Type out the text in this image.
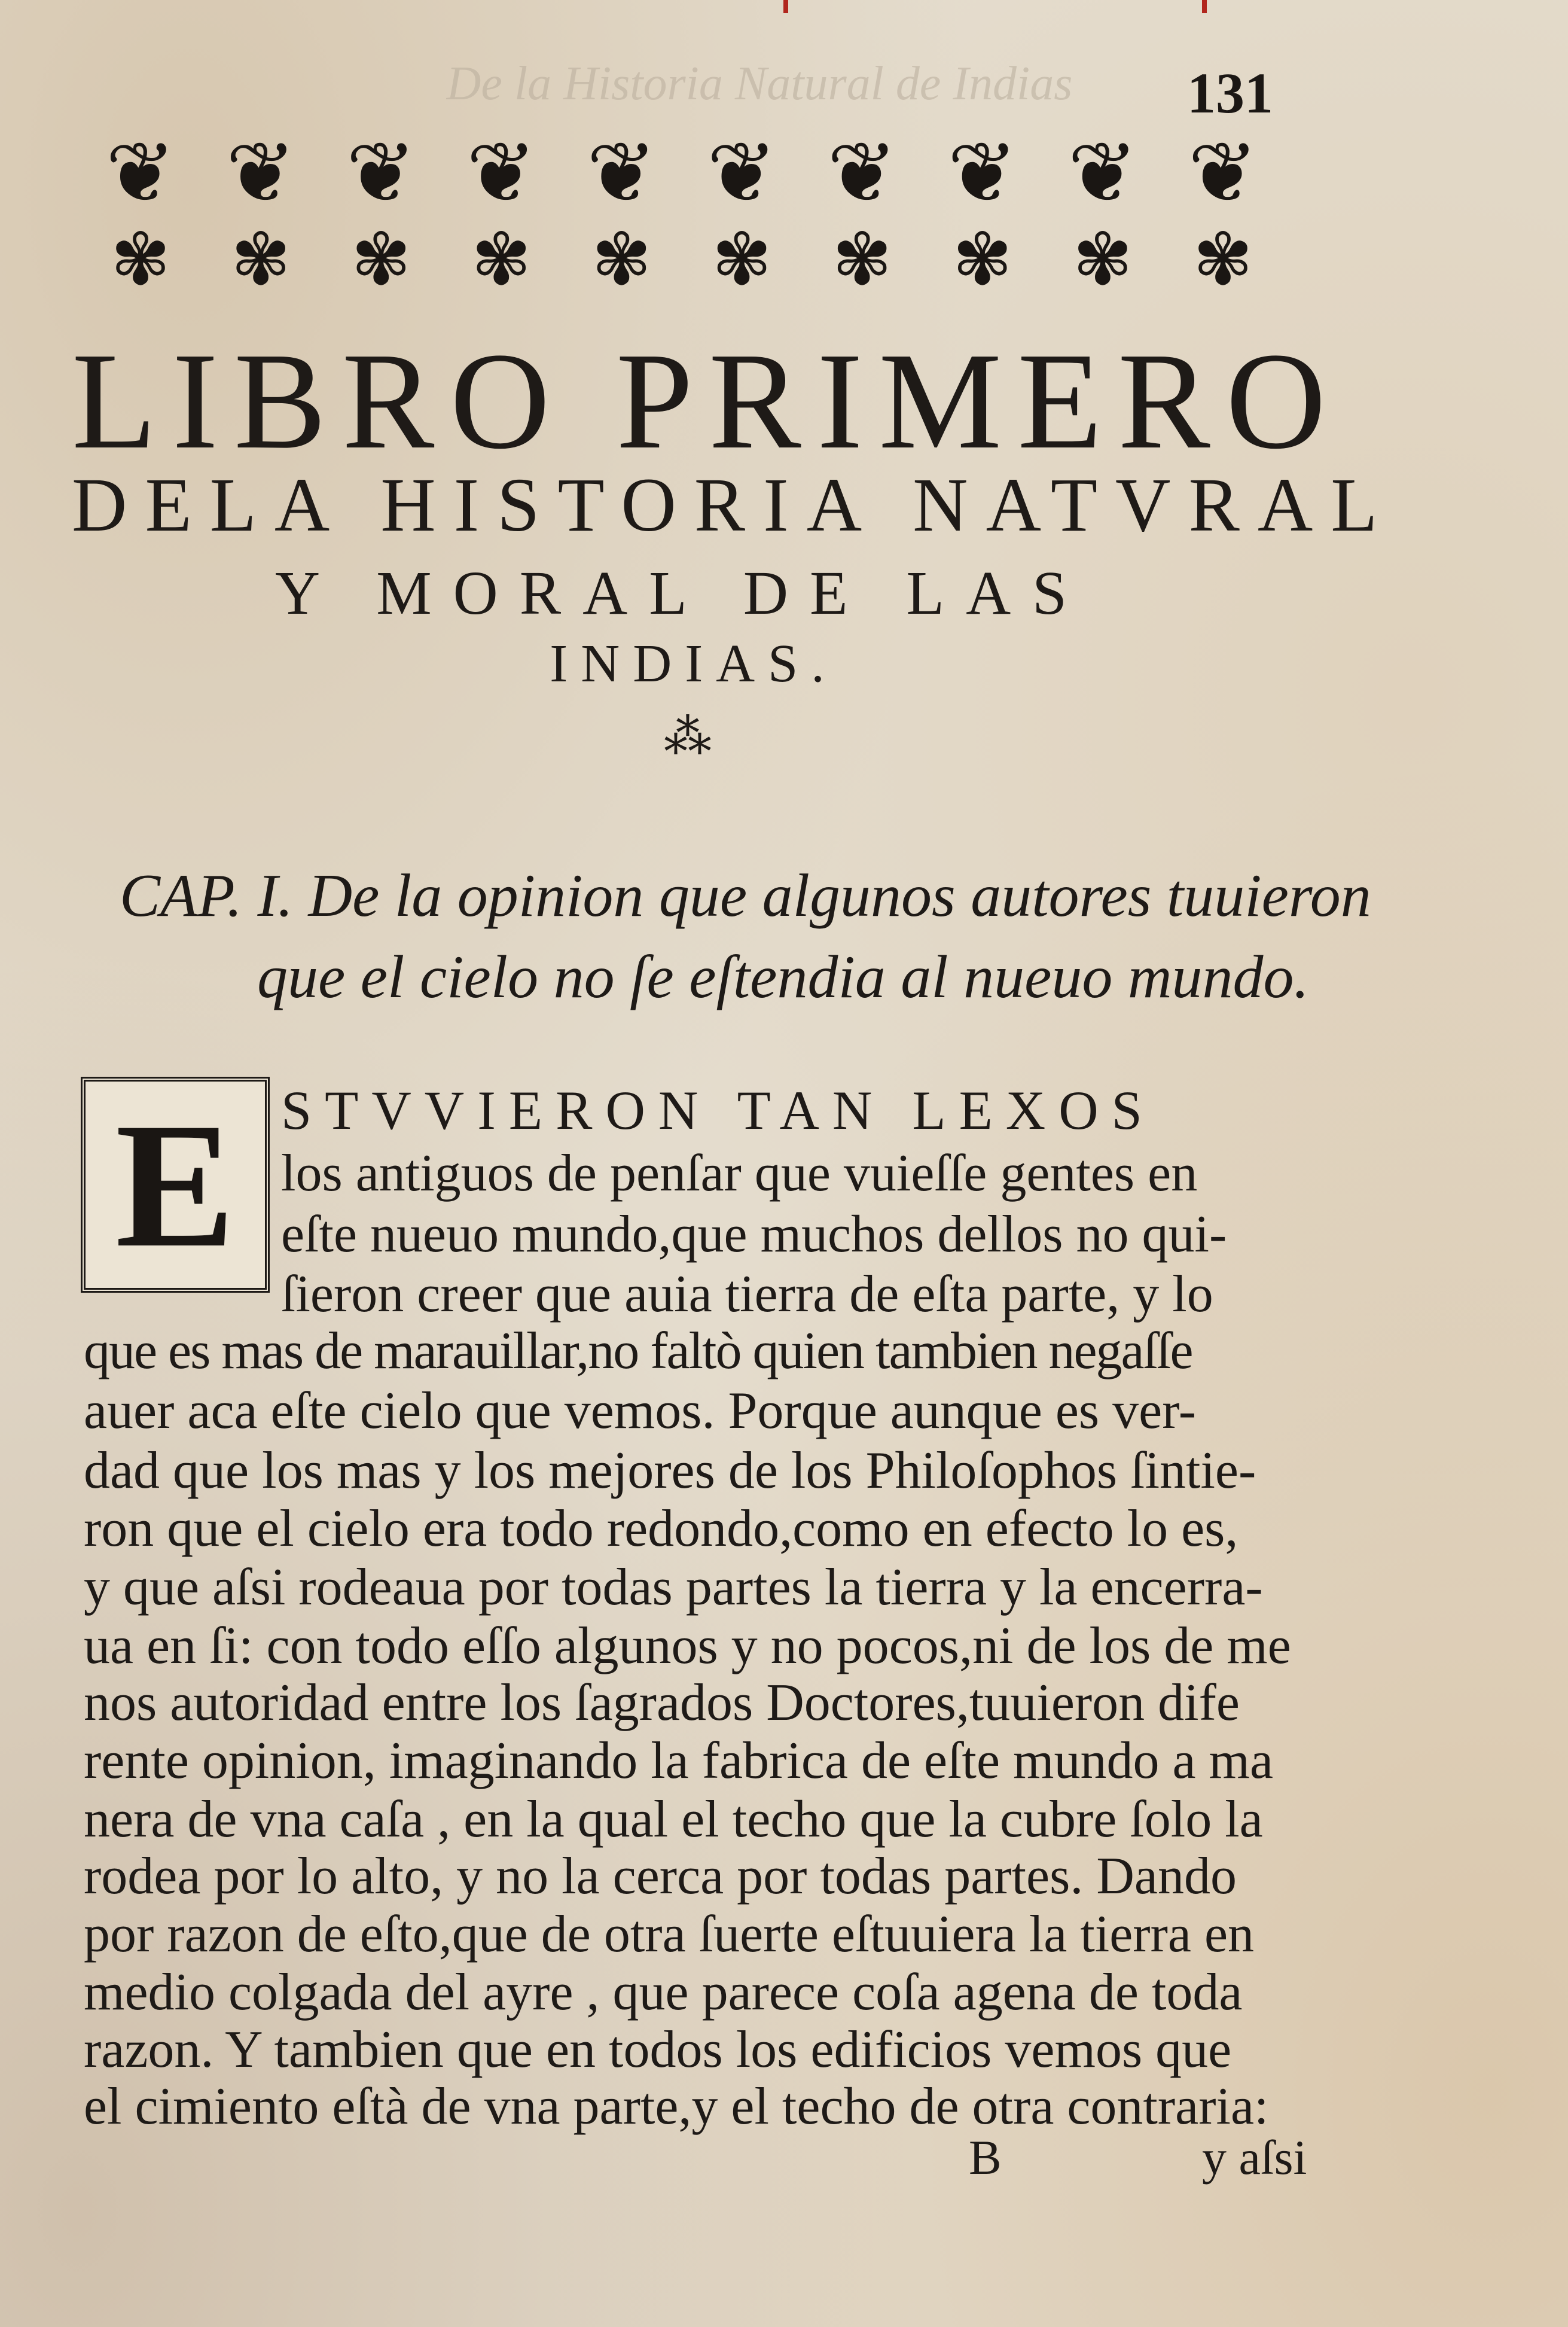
De la Historia Natural de Indias	131
❦ ❦ ❦ ❦ ❦ ❦ ❦ ❦ ❦ ❦
✾ ✾ ✾ ✾ ✾ ✾ ✾ ✾ ✾ ✾
LIBRO PRIMERO
DELA HISTORIA NATVRAL
Y MORAL DE LAS
INDIAS.
⁂
CAP. I. De la opinion que algunos autores tuuieron
que el cielo no ſe eſtendia al nueuo mundo.
E STVVIERON TAN LEXOS
los antiguos de penſar que vuieſſe gentes en
eſte nueuo mundo,que muchos dellos no qui-
ſieron creer que auia tierra de eſta parte, y lo
que es mas de marauillar,no faltò quien tambien negaſſe
auer aca eſte cielo que vemos. Porque aunque es ver-
dad que los mas y los mejores de los Philoſophos ſintie-
ron que el cielo era todo redondo,como en efecto lo es,
y que aſsi rodeaua por todas partes la tierra y la encerra-
ua en ſi: con todo eſſo algunos y no pocos,ni de los de me
nos autoridad entre los ſagrados Doctores,tuuieron dife
rente opinion, imaginando la fabrica de eſte mundo a ma
nera de vna caſa , en la qual el techo que la cubre ſolo la
rodea por lo alto, y no la cerca por todas partes. Dando
por razon de eſto,que de otra ſuerte eſtuuiera la tierra en
medio colgada del ayre , que parece coſa agena de toda
razon. Y tambien que en todos los edificios vemos que
el cimiento eſtà de vna parte,y el techo de otra contraria:
B	y aſsi
